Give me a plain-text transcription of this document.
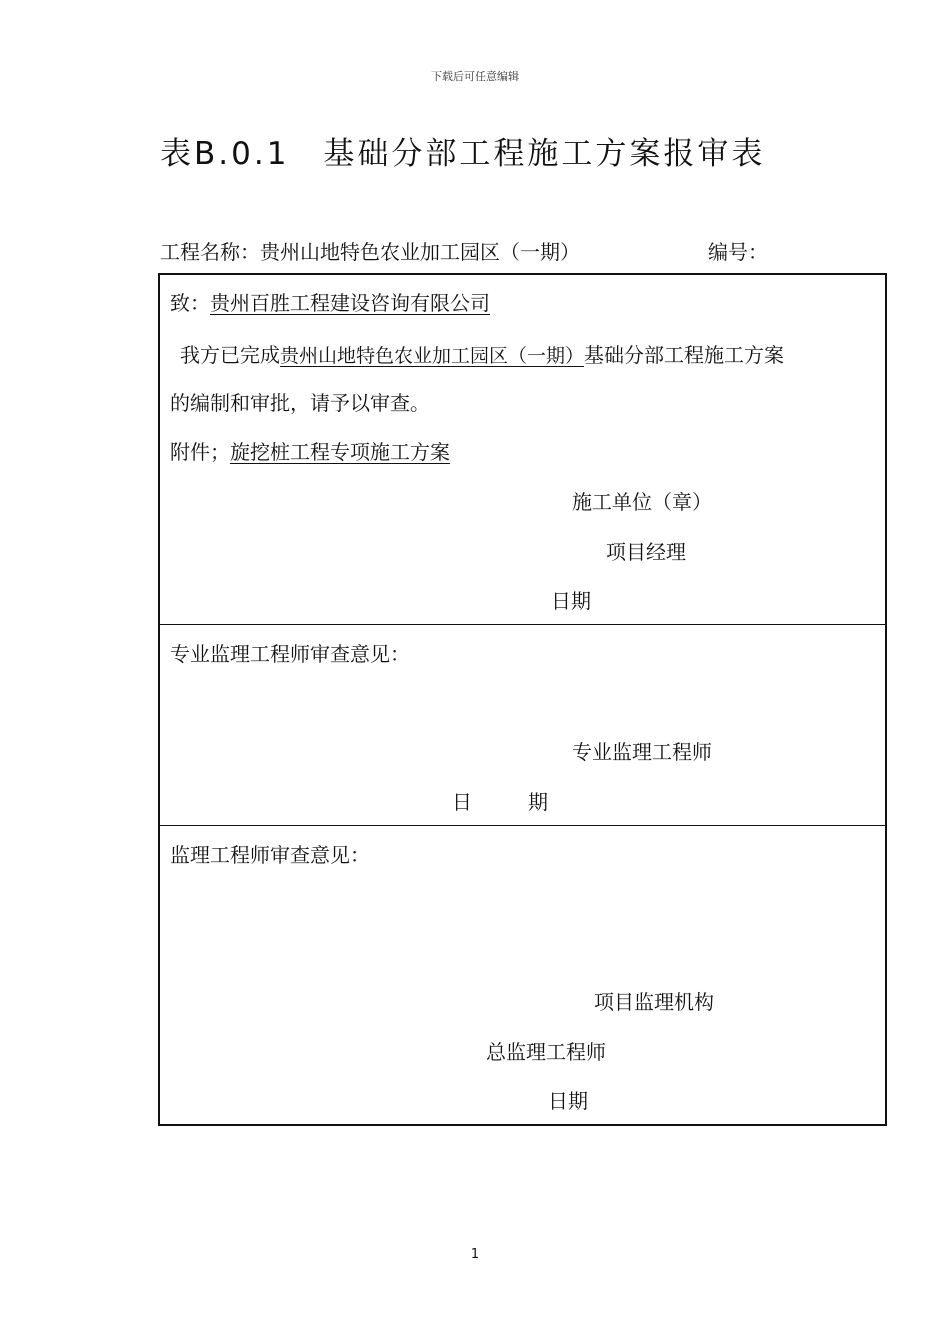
下载后可任意编辑
表B.0.1　基础分部工程施工方案报审表
工程名称：贵州山地特色农业加工园区（一期）	编号：
致：贵州百胜工程建设咨询有限公司
我方已完成贵州山地特色农业加工园区（一期）基础分部工程施工方案
的编制和审批，请予以审查。
附件；旋挖桩工程专项施工方案
施工单位（章）
项目经理
日期
专业监理工程师审查意见：
专业监理工程师
日	期
监理工程师审查意见：
项目监理机构
总监理工程师
日期
1
